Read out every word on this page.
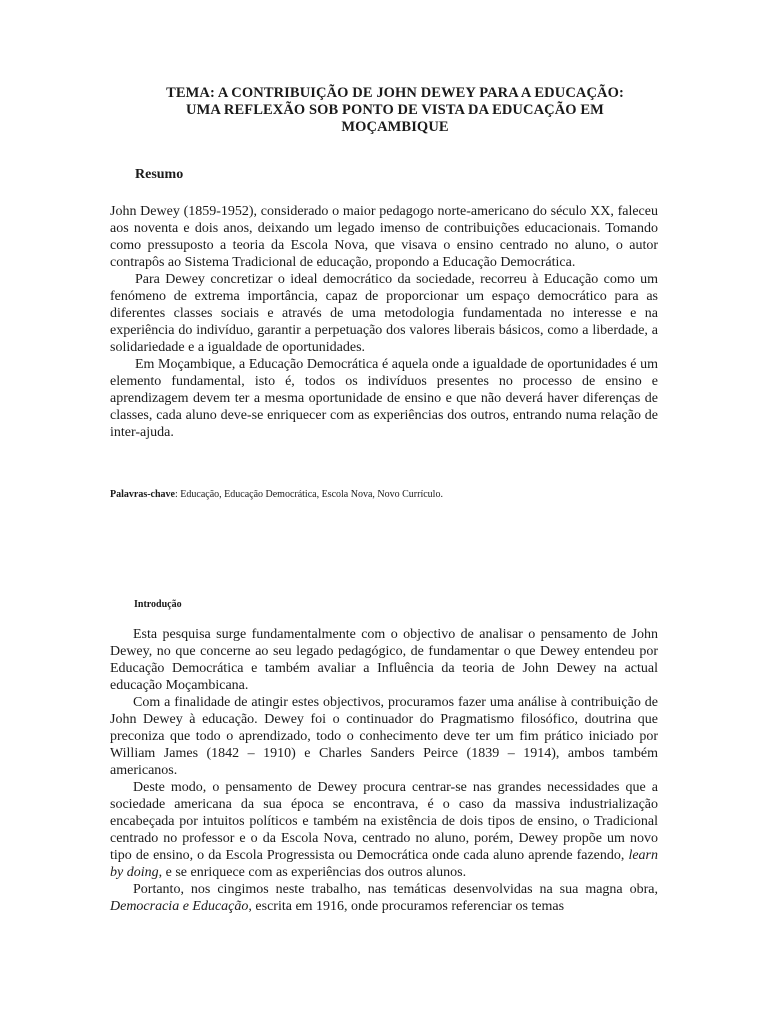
TEMA: A CONTRIBUIÇÃO DE JOHN DEWEY PARA A EDUCAÇÃO:
UMA REFLEXÃO SOB PONTO DE VISTA DA EDUCAÇÃO EM
MOÇAMBIQUE
Resumo

John Dewey (1859-1952), considerado o maior pedagogo norte-americano do século XX, faleceu aos noventa e dois anos, deixando um legado imenso de contribuições educacionais. Tomando como pressuposto a teoria da Escola Nova, que visava o ensino centrado no aluno, o autor contrapôs ao Sistema Tradicional de educação, propondo a Educação Democrática.

Para Dewey concretizar o ideal democrático da sociedade, recorreu à Educação como um fenómeno de extrema importância, capaz de proporcionar um espaço democrático para as diferentes classes sociais e através de uma metodologia fundamentada no interesse e na experiência do indivíduo, garantir a perpetuação dos valores liberais básicos, como a liberdade, a solidariedade e a igualdade de oportunidades.

Em Moçambique, a Educação Democrática é aquela onde a igualdade de oportunidades é um elemento fundamental, isto é, todos os indivíduos presentes no processo de ensino e aprendizagem devem ter a mesma oportunidade de ensino e que não deverá haver diferenças de classes, cada aluno deve-se enriquecer com as experiências dos outros, entrando numa relação de inter-ajuda.

Palavras-chave: Educação, Educação Democrática, Escola Nova, Novo Currículo.
Introdução

Esta pesquisa surge fundamentalmente com o objectivo de analisar o pensamento de John Dewey, no que concerne ao seu legado pedagógico, de fundamentar o que Dewey entendeu por Educação Democrática e também avaliar a Influência da teoria de John Dewey na actual educação Moçambicana.

Com a finalidade de atingir estes objectivos, procuramos fazer uma análise à contribuição de John Dewey à educação. Dewey foi o continuador do Pragmatismo filosófico, doutrina que preconiza que todo o aprendizado, todo o conhecimento deve ter um fim prático iniciado por William James (1842 – 1910) e Charles Sanders Peirce (1839 – 1914), ambos também americanos.

Deste modo, o pensamento de Dewey procura centrar-se nas grandes necessidades que a sociedade americana da sua época se encontrava, é o caso da massiva industrialização encabeçada por intuitos políticos e também na existência de dois tipos de ensino, o Tradicional centrado no professor e o da Escola Nova, centrado no aluno, porém, Dewey propõe um novo tipo de ensino, o da Escola Progressista ou Democrática onde cada aluno aprende fazendo, learn by doing, e se enriquece com as experiências dos outros alunos.

Portanto, nos cingimos neste trabalho, nas temáticas desenvolvidas na sua magna obra, Democracia e Educação, escrita em 1916, onde procuramos referenciar os temas
